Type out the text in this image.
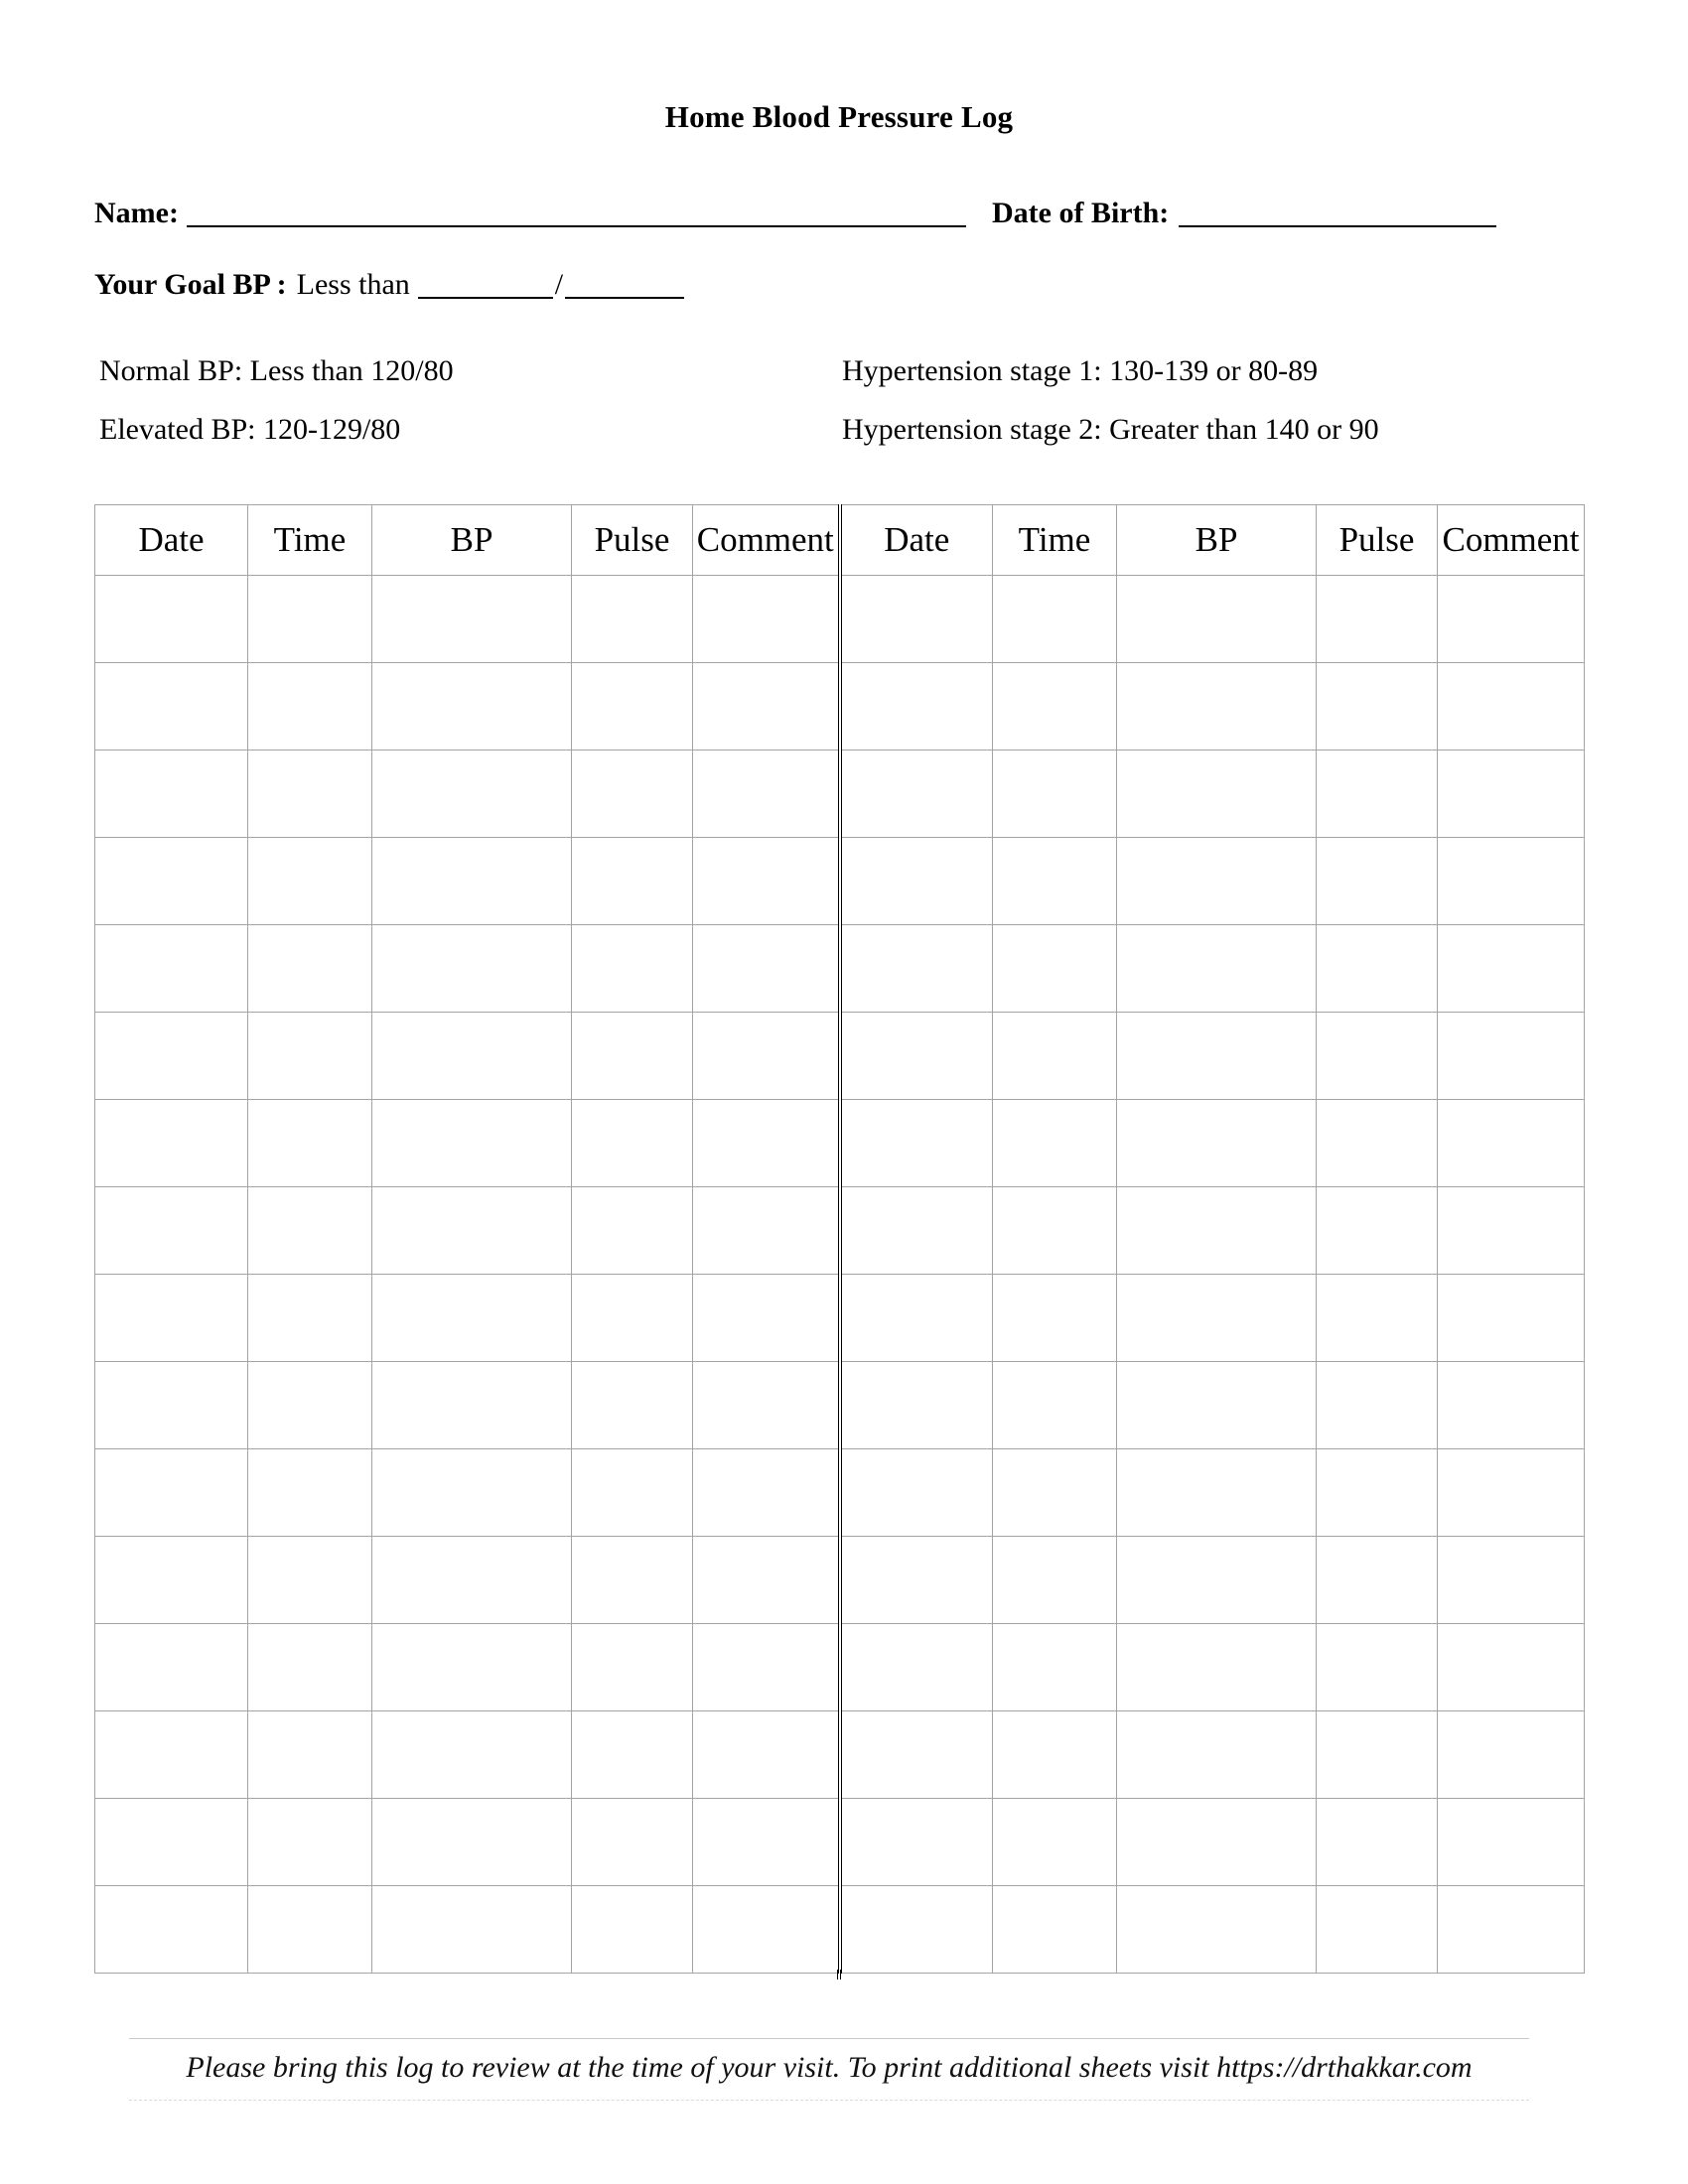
Home Blood Pressure Log
Name:	Date of Birth:
Your Goal BP : Less than	/
Normal BP: Less than 120/80	Hypertension stage 1: 130-139 or 80-89
Elevated BP: 120-129/80	Hypertension stage 2: Greater than 140 or 90
Date	Time	BP	Pulse	Comment	Date	Time	BP	Pulse	Comment

Please bring this log to review at the time of your visit. To print additional sheets visit https://drthakkar.com
